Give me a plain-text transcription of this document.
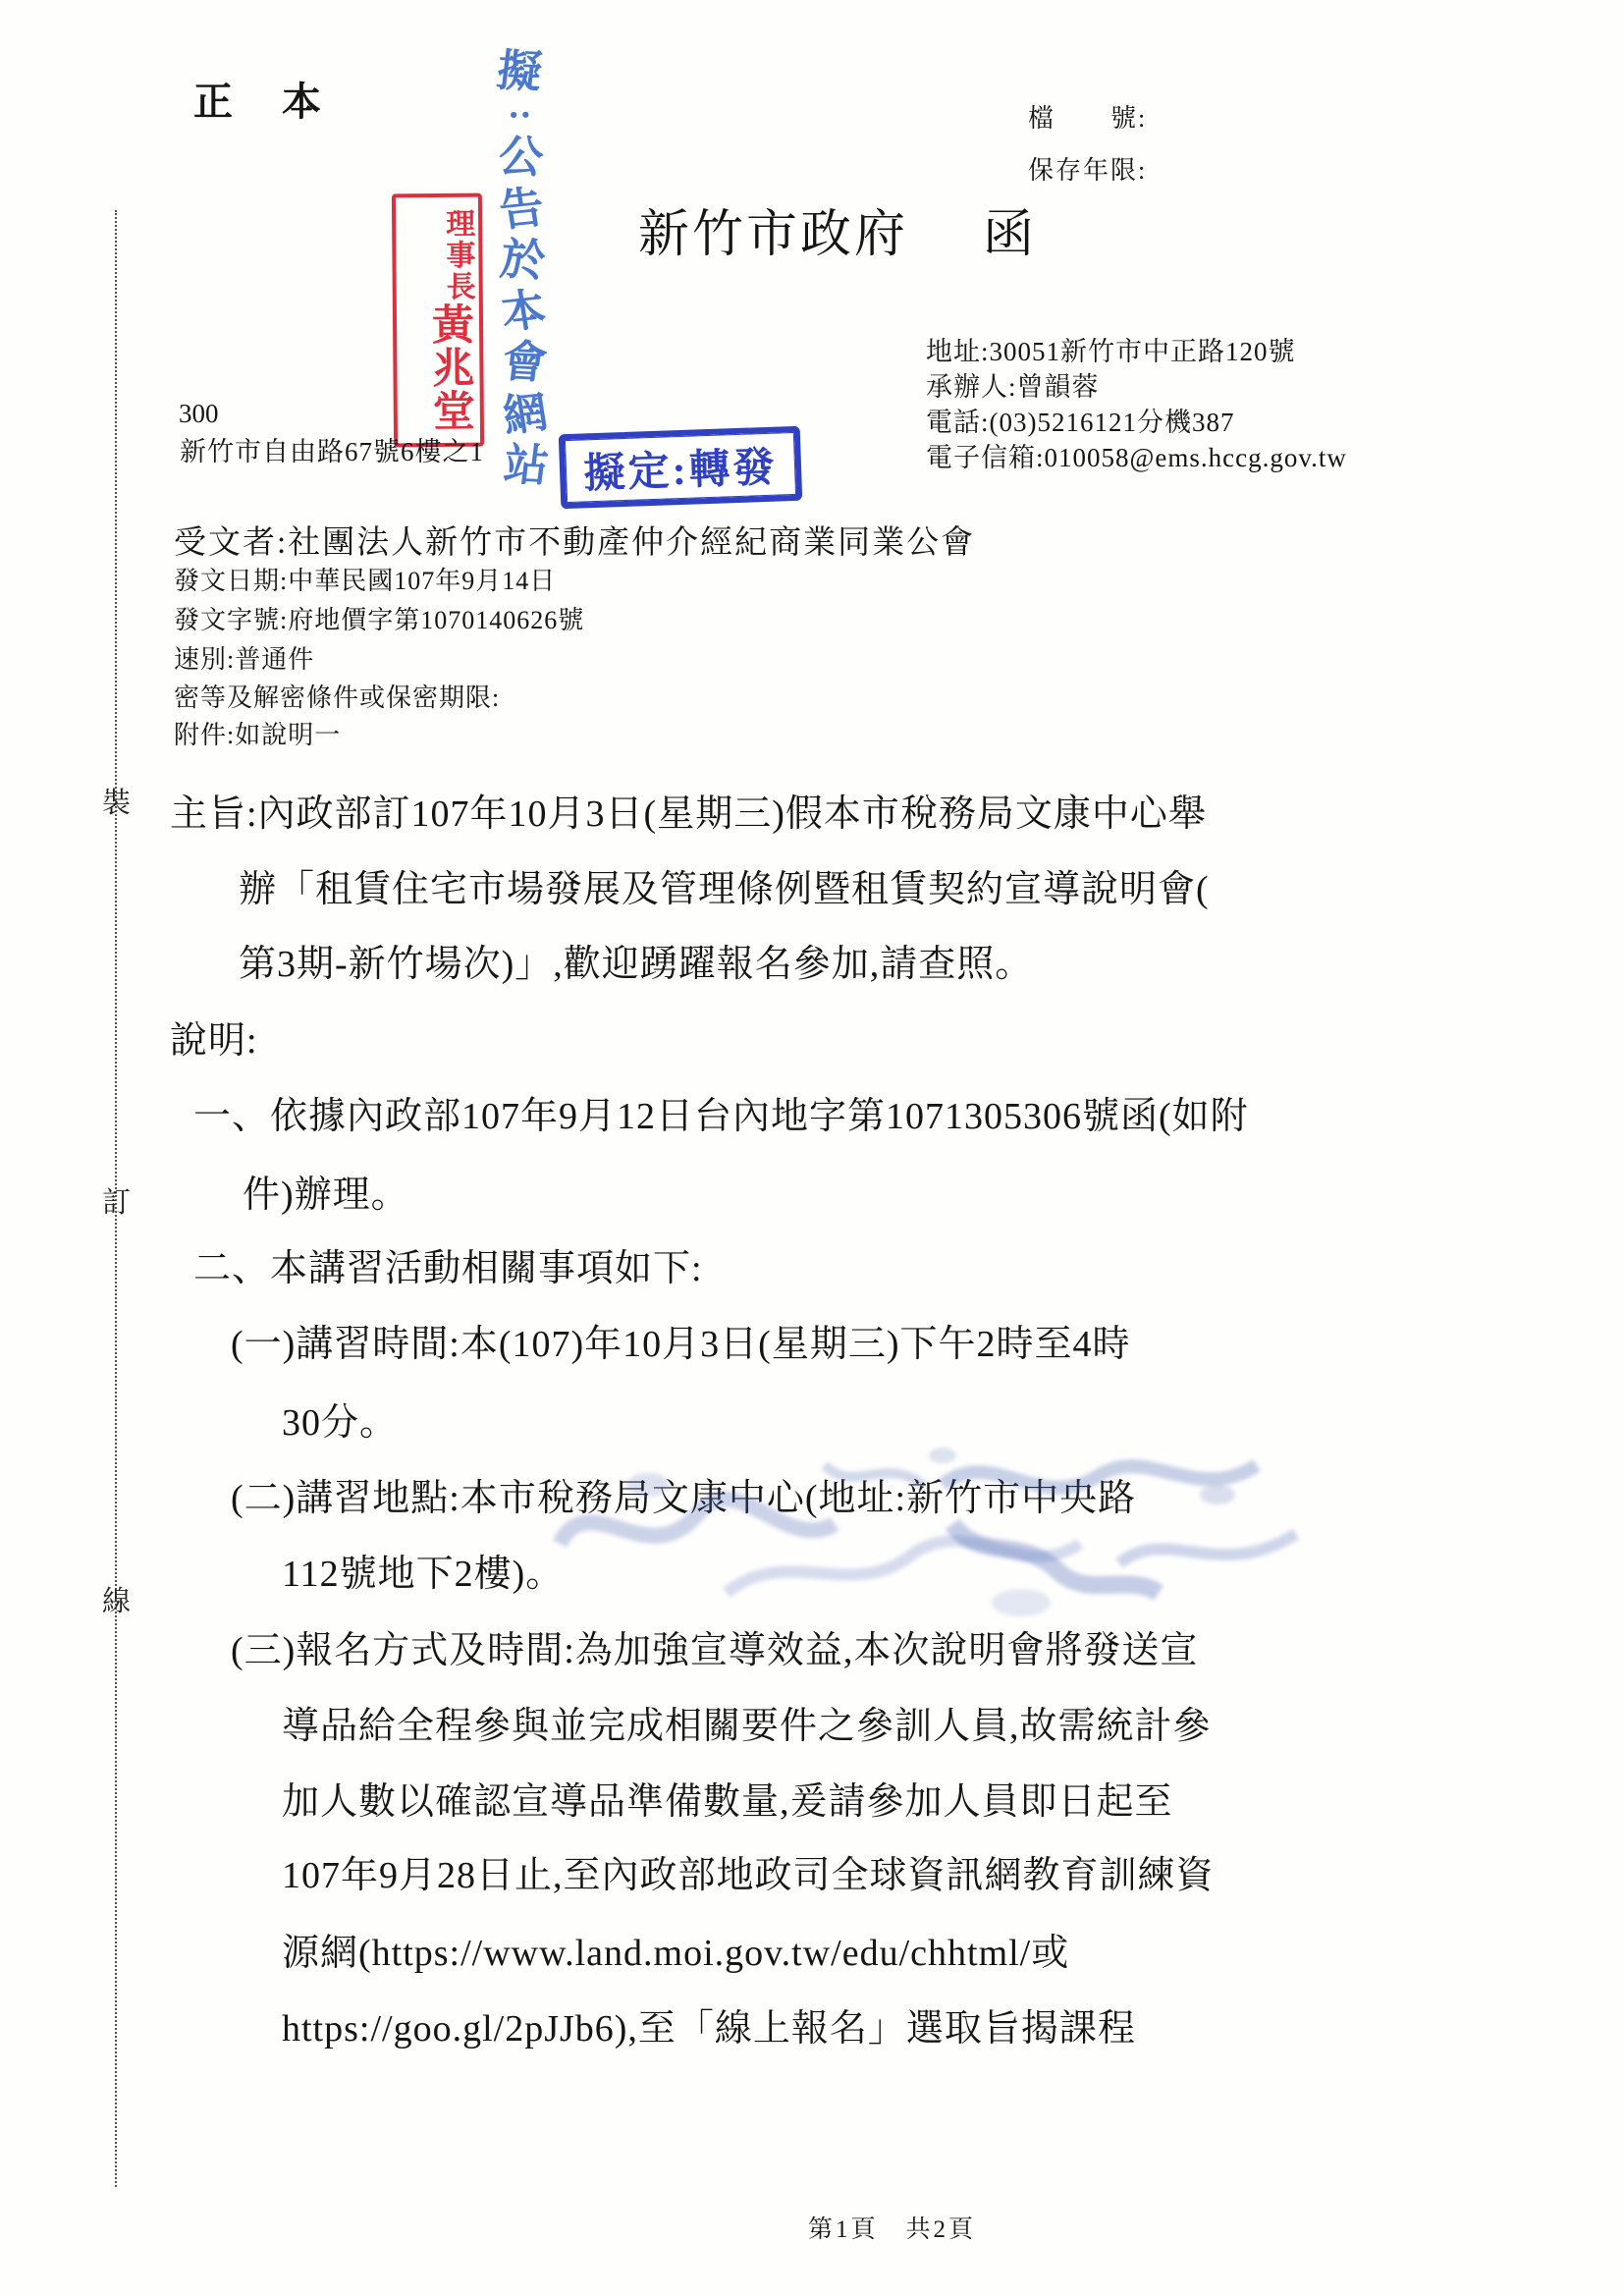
裝
訂
線
正本	檔　　號:
保存年限:
新竹市政府 函
擬
:
公
告
於
本
會
網
站
理事長
黃兆堂
擬定:轉發
地址:30051新竹市中正路120號
承辦人:曾韻蓉
電話:(03)5216121分機387
電子信箱:010058@ems.hccg.gov.tw
300
新竹市自由路67號6樓之1
受文者:社團法人新竹市不動產仲介經紀商業同業公會
發文日期:中華民國107年9月14日
發文字號:府地價字第1070140626號
速別:普通件
密等及解密條件或保密期限:
附件:如說明一
主旨:內政部訂107年10月3日(星期三)假本市稅務局文康中心舉
辦「租賃住宅市場發展及管理條例暨租賃契約宣導說明會(
第3期-新竹場次)」,歡迎踴躍報名參加,請查照。
說明:
一、依據內政部107年9月12日台內地字第1071305306號函(如附
件)辦理。
二、本講習活動相關事項如下:
(一)講習時間:本(107)年10月3日(星期三)下午2時至4時
30分。
(二)講習地點:本市稅務局文康中心(地址:新竹市中央路
112號地下2樓)。
(三)報名方式及時間:為加強宣導效益,本次說明會將發送宣
導品給全程參與並完成相關要件之參訓人員,故需統計參
加人數以確認宣導品準備數量,爰請參加人員即日起至
107年9月28日止,至內政部地政司全球資訊網教育訓練資
源網(https://www.land.moi.gov.tw/edu/chhtml/或
https://goo.gl/2pJJb6),至「線上報名」選取旨揭課程
第1頁　共2頁
